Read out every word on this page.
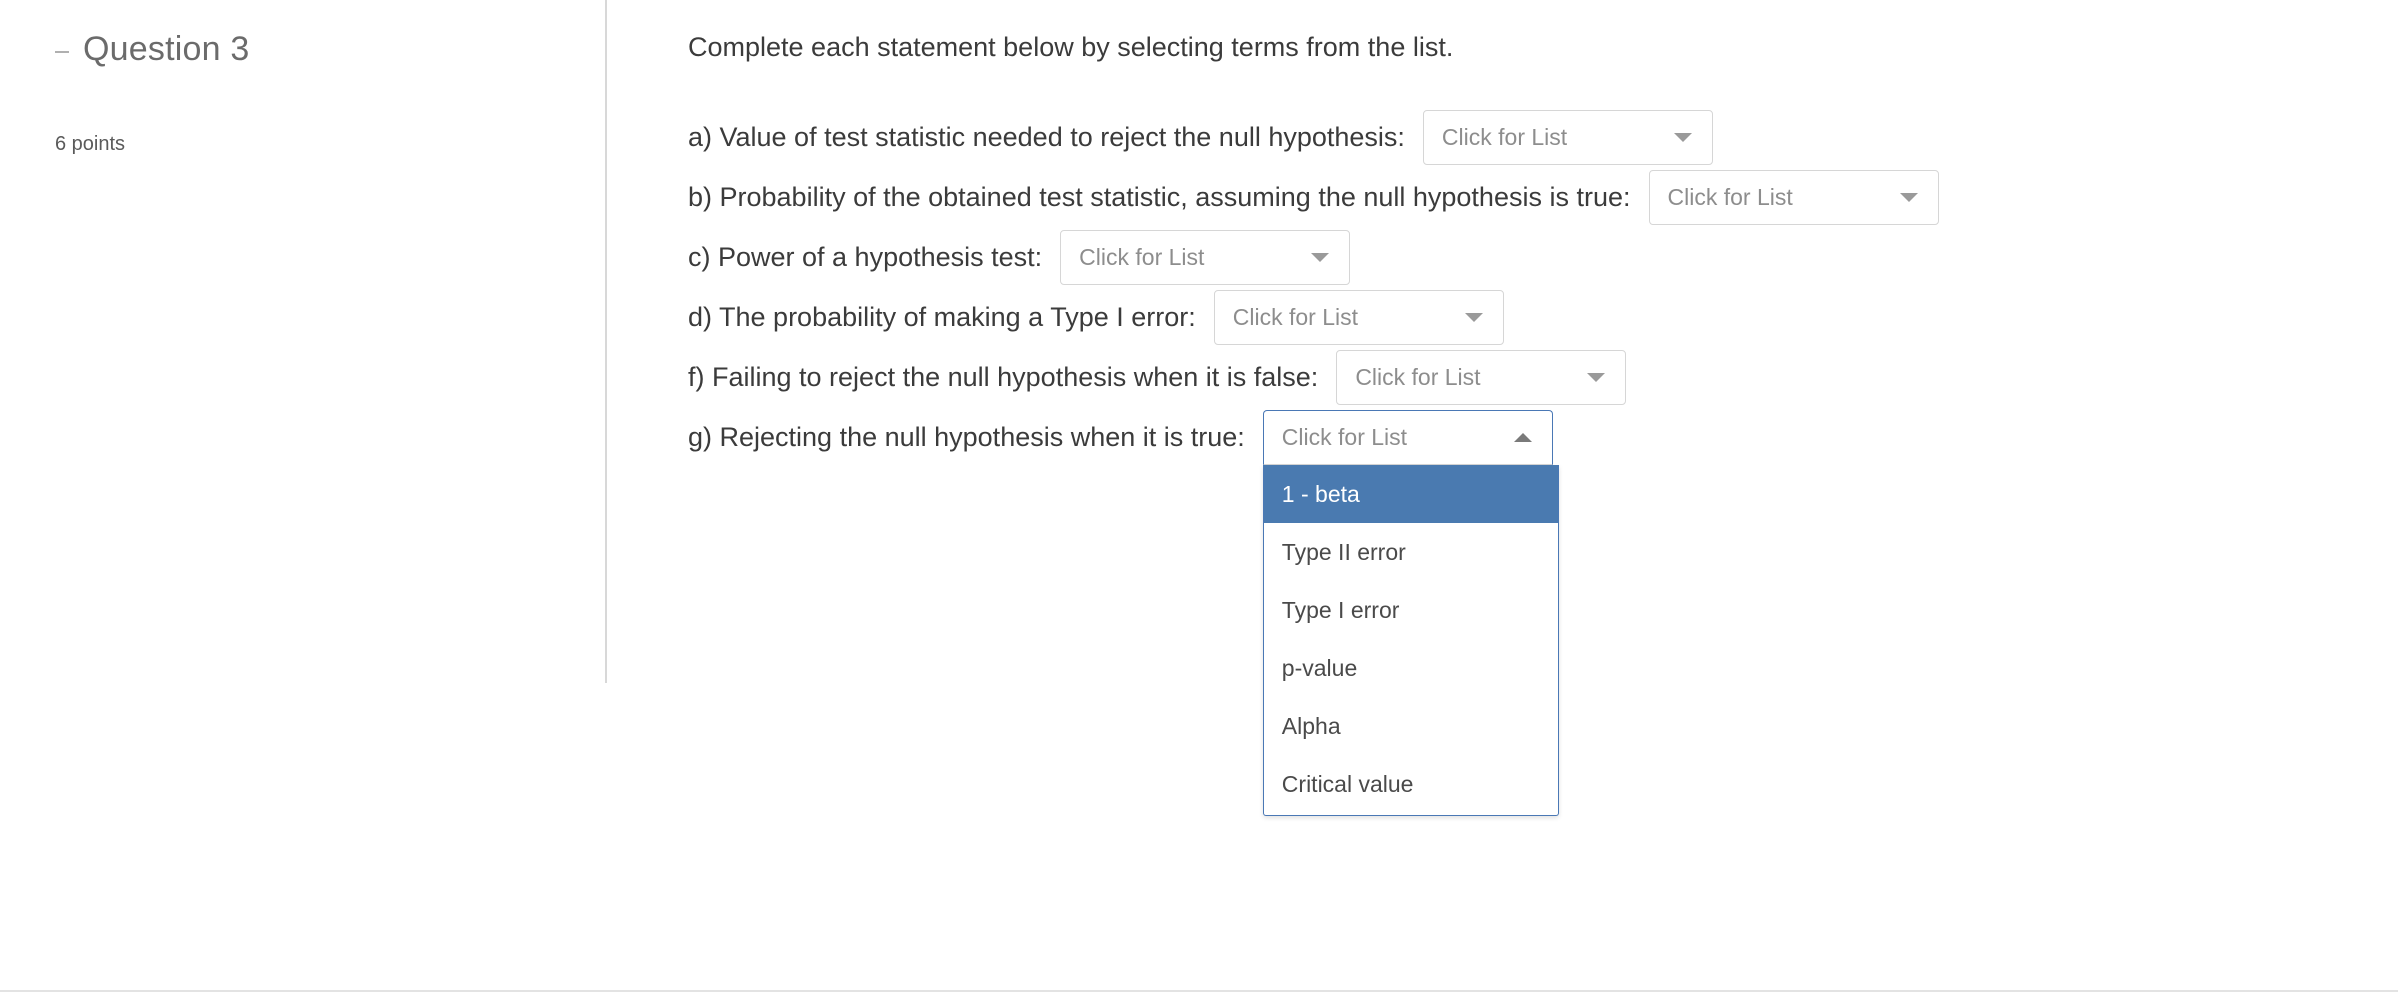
Question 3
6 points
Complete each statement below by selecting terms from the list.
a) Value of test statistic needed to reject the null hypothesis: Click for List
b) Probability of the obtained test statistic, assuming the null hypothesis is true: Click for List
c) Power of a hypothesis test: Click for List
d) The probability of making a Type I error: Click for List
f) Failing to reject the null hypothesis when it is false: Click for List
g) Rejecting the null hypothesis when it is true: Click for List
1 - beta
Type II error
Type I error
p-value
Alpha
Critical value
